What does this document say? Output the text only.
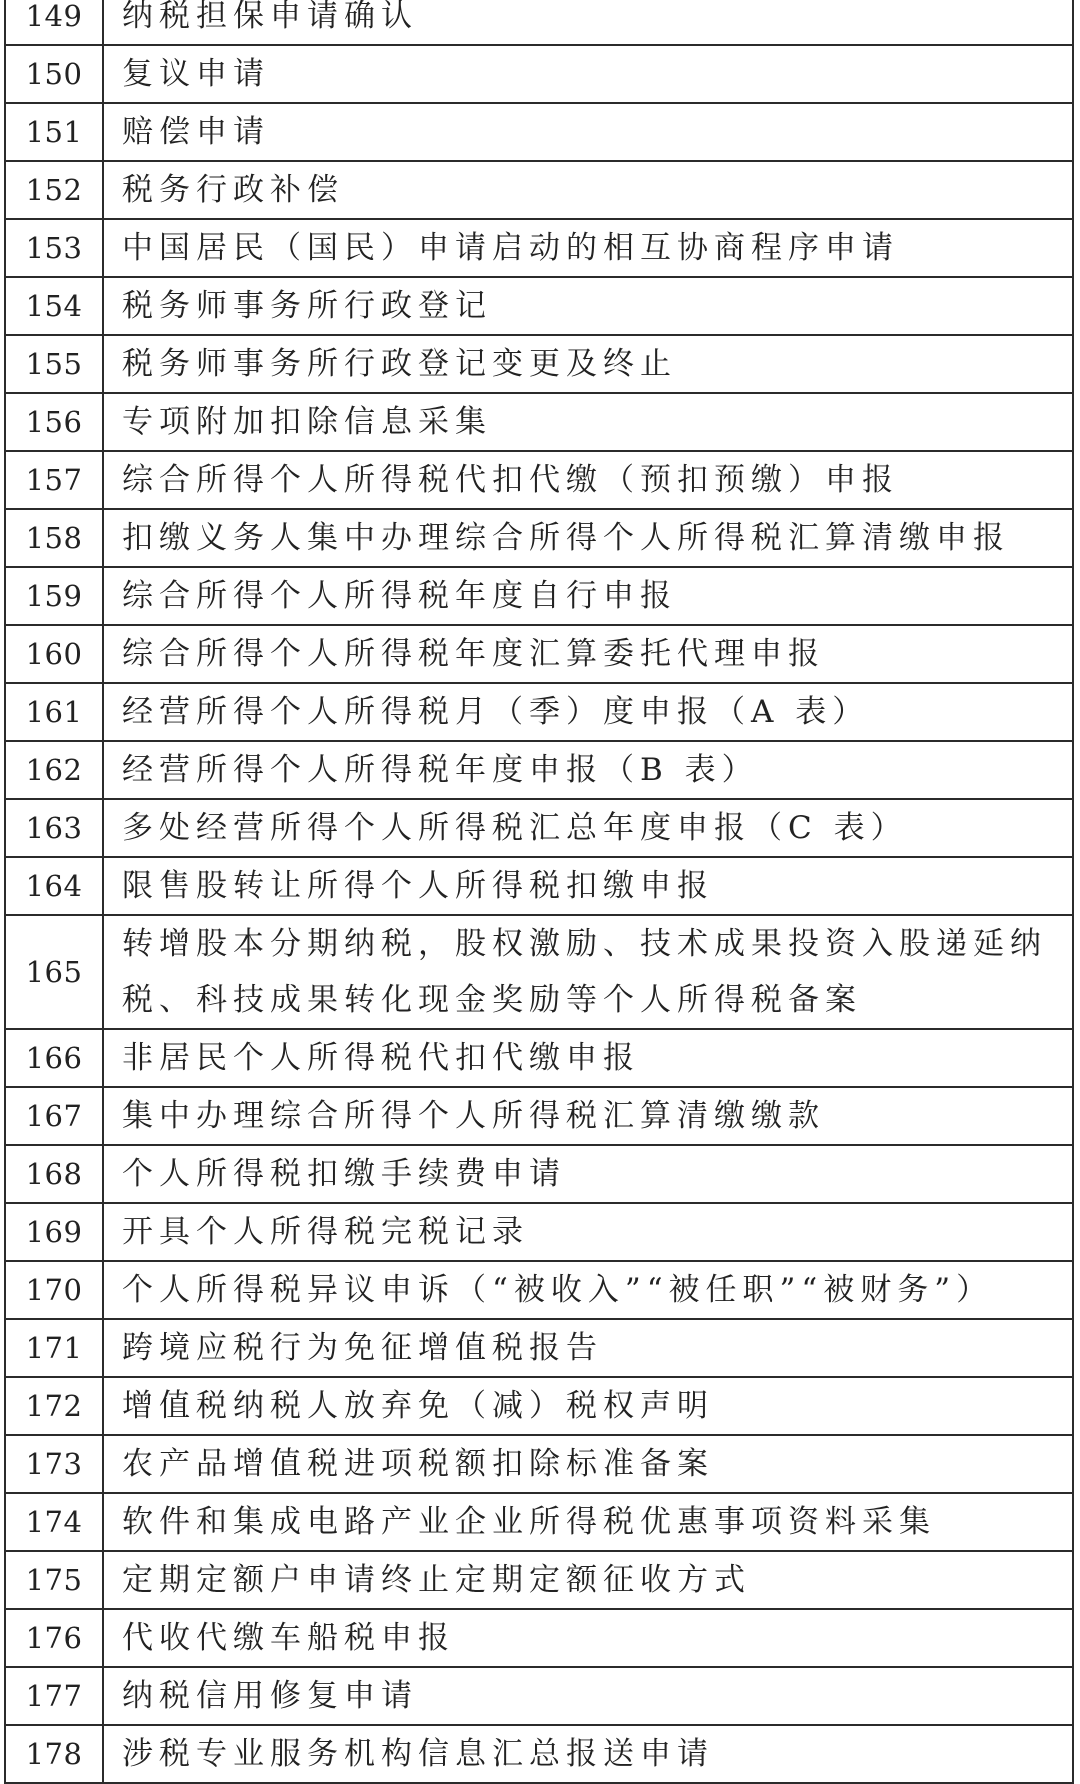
149	纳税担保申请确认
150	复议申请
151	赔偿申请
152	税务行政补偿
153	中国居民（国民）申请启动的相互协商程序申请
154	税务师事务所行政登记
155	税务师事务所行政登记变更及终止
156	专项附加扣除信息采集
157	综合所得个人所得税代扣代缴（预扣预缴）申报
158	扣缴义务人集中办理综合所得个人所得税汇算清缴申报
159	综合所得个人所得税年度自行申报
160	综合所得个人所得税年度汇算委托代理申报
161	经营所得个人所得税月（季）度申报（A 表）
162	经营所得个人所得税年度申报（B 表）
163	多处经营所得个人所得税汇总年度申报（C 表）
164	限售股转让所得个人所得税扣缴申报
165	转增股本分期纳税，股权激励、技术成果投资入股递延纳税、科技成果转化现金奖励等个人所得税备案
166	非居民个人所得税代扣代缴申报
167	集中办理综合所得个人所得税汇算清缴缴款
168	个人所得税扣缴手续费申请
169	开具个人所得税完税记录
170	个人所得税异议申诉（“被收入”“被任职”“被财务”）
171	跨境应税行为免征增值税报告
172	增值税纳税人放弃免（减）税权声明
173	农产品增值税进项税额扣除标准备案
174	软件和集成电路产业企业所得税优惠事项资料采集
175	定期定额户申请终止定期定额征收方式
176	代收代缴车船税申报
177	纳税信用修复申请
178	涉税专业服务机构信息汇总报送申请
